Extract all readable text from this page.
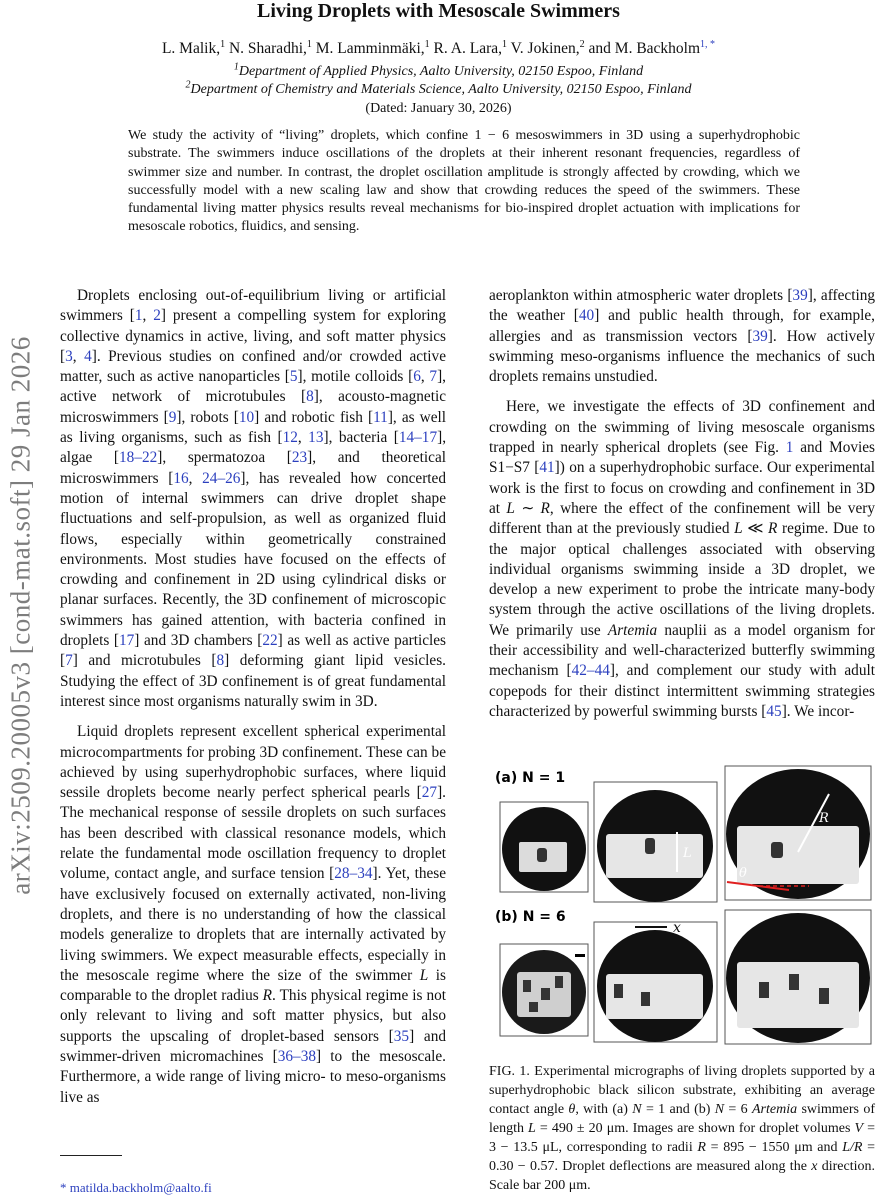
arXiv:2509.20005v3 [cond-mat.soft] 29 Jan 2026
Living Droplets with Mesoscale Swimmers
L. Malik,$^1$ N. Sharadhi,$^1$ M. Lamminmäki,$^1$ R. A. Lara,$^1$ V. Jokinen,$^2$ and M. Backholm$^{1, *}$
$^1$Department of Applied Physics, Aalto University, 02150 Espoo, Finland
$^2$Department of Chemistry and Materials Science, Aalto University, 02150 Espoo, Finland
(Dated: January 30, 2026)
We study the activity of “living” droplets, which confine 1 − 6 mesoswimmers in 3D using a superhydrophobic substrate. The swimmers induce oscillations of the droplets at their inherent resonant frequencies, regardless of swimmer size and number. In contrast, the droplet oscillation amplitude is strongly affected by crowding, which we successfully model with a new scaling law and show that crowding reduces the speed of the swimmers. These fundamental living matter physics results reveal mechanisms for bio-inspired droplet actuation with implications for mesoscale robotics, fluidics, and sensing.

Droplets enclosing out-of-equilibrium living or artificial swimmers [1, 2] present a compelling system for exploring collective dynamics in active, living, and soft matter physics [3, 4]. Previous studies on confined and/or crowded active matter, such as active nanoparticles [5], motile colloids [6, 7], active network of microtubules [8], acousto-magnetic microswimmers [9], robots [10] and robotic fish [11], as well as living organisms, such as fish [12, 13], bacteria [14–17], algae [18–22], spermatozoa [23], and theoretical microswimmers [16, 24–26], has revealed how concerted motion of internal swimmers can drive droplet shape fluctuations and self-propulsion, as well as organized fluid flows, especially within geometrically constrained environments. Most studies have focused on the effects of crowding and confinement in 2D using cylindrical disks or planar surfaces. Recently, the 3D confinement of microscopic swimmers has gained attention, with bacteria confined in droplets [17] and 3D chambers [22] as well as active particles [7] and microtubules [8] deforming giant lipid vesicles. Studying the effect of 3D confinement is of great fundamental interest since most organisms naturally swim in 3D.

Liquid droplets represent excellent spherical experimental microcompartments for probing 3D confinement. These can be achieved by using superhydrophobic surfaces, where liquid sessile droplets become nearly perfect spherical pearls [27]. The mechanical response of sessile droplets on such surfaces has been described with classical resonance models, which relate the fundamental mode oscillation frequency to droplet volume, contact angle, and surface tension [28–34]. Yet, these have exclusively focused on externally activated, non-living droplets, and there is no understanding of how the classical models generalize to droplets that are internally activated by living swimmers. We expect measurable effects, especially in the mesoscale regime where the size of the swimmer L is comparable to the droplet radius R. This physical regime is not only relevant to living and soft matter physics, but also supports the upscaling of droplet-based sensors [35] and swimmer-driven micromachines [36–38] to the mesoscale. Furthermore, a wide range of living micro- to meso-organisms live as

aeroplankton within atmospheric water droplets [39], affecting the weather [40] and public health through, for example, allergies and as transmission vectors [39]. How actively swimming meso-organisms influence the mechanics of such droplets remains unstudied.

Here, we investigate the effects of 3D confinement and crowding on the swimming of living mesoscale organisms trapped in nearly spherical droplets (see Fig. 1 and Movies S1−S7 [41]) on a superhydrophobic surface. Our experimental work is the first to focus on crowding and confinement in 3D at L ∼ R, where the effect of the confinement will be very different than at the previously studied L ≪ R regime. Due to the major optical challenges associated with observing individual organisms swimming inside a 3D droplet, we develop a new experiment to probe the intricate many-body system through the active oscillations of the living droplets. We primarily use Artemia nauplii as a model organism for their accessibility and well-characterized butterfly swimming mechanism [42–44], and complement our study with adult copepods for their distinct intermittent swimming strategies characterized by powerful swimming bursts [45]. We incor-

(a) N = 1
(b) N = 6
L
R
θ
x
FIG. 1. Experimental micrographs of living droplets supported by a superhydrophobic black silicon substrate, exhibiting an average contact angle θ, with (a) N = 1 and (b) N = 6 Artemia swimmers of length L = 490 ± 20 μm. Images are shown for droplet volumes V = 3 − 13.5 μL, corresponding to radii R = 895 − 1550 μm and L/R = 0.30 − 0.57. Droplet deflections are measured along the x direction. Scale bar 200 μm.
* matilda.backholm@aalto.fi
